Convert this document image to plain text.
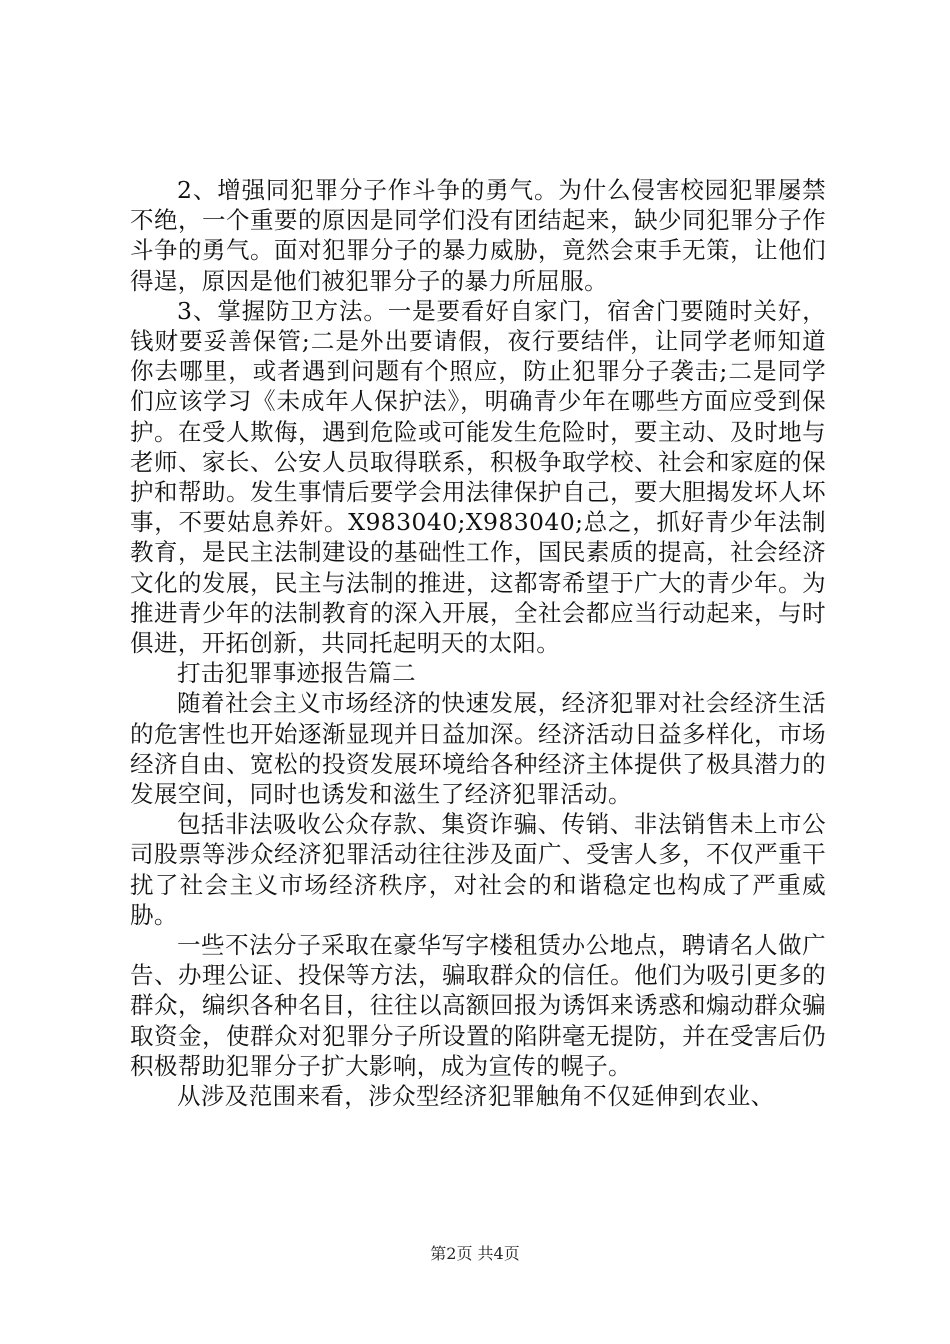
2、增强同犯罪分子作斗争的勇气。为什么侵害校园犯罪屡禁不绝，一个重要的原因是同学们没有团结起来，缺少同犯罪分子作斗争的勇气。面对犯罪分子的暴力威胁，竟然会束手无策，让他们得逞，原因是他们被犯罪分子的暴力所屈服。

3、掌握防卫方法。一是要看好自家门，宿舍门要随时关好，钱财要妥善保管;二是外出要请假，夜行要结伴，让同学老师知道你去哪里，或者遇到问题有个照应，防止犯罪分子袭击;二是同学们应该学习《未成年人保护法》，明确青少年在哪些方面应受到保护。在受人欺侮，遇到危险或可能发生危险时，要主动、及时地与老师、家长、公安人员取得联系，积极争取学校、社会和家庭的保护和帮助。发生事情后要学会用法律保护自己，要大胆揭发坏人坏事，不要姑息养奸。X983040;X983040;总之，抓好青少年法制教育，是民主法制建设的基础性工作，国民素质的提高，社会经济文化的发展，民主与法制的推进，这都寄希望于广大的青少年。为推进青少年的法制教育的深入开展，全社会都应当行动起来，与时俱进，开拓创新，共同托起明天的太阳。

打击犯罪事迹报告篇二

随着社会主义市场经济的快速发展，经济犯罪对社会经济生活的危害性也开始逐渐显现并日益加深。经济活动日益多样化，市场经济自由、宽松的投资发展环境给各种经济主体提供了极具潜力的发展空间，同时也诱发和滋生了经济犯罪活动。

包括非法吸收公众存款、集资诈骗、传销、非法销售未上市公司股票等涉众经济犯罪活动往往涉及面广、受害人多，不仅严重干扰了社会主义市场经济秩序，对社会的和谐稳定也构成了严重威胁。

一些不法分子采取在豪华写字楼租赁办公地点，聘请名人做广告、办理公证、投保等方法，骗取群众的信任。他们为吸引更多的群众，编织各种名目，往往以高额回报为诱饵来诱惑和煽动群众骗取资金，使群众对犯罪分子所设置的陷阱毫无提防，并在受害后仍积极帮助犯罪分子扩大影响，成为宣传的幌子。

从涉及范围来看，涉众型经济犯罪触角不仅延伸到农业、

第2页 共4页
